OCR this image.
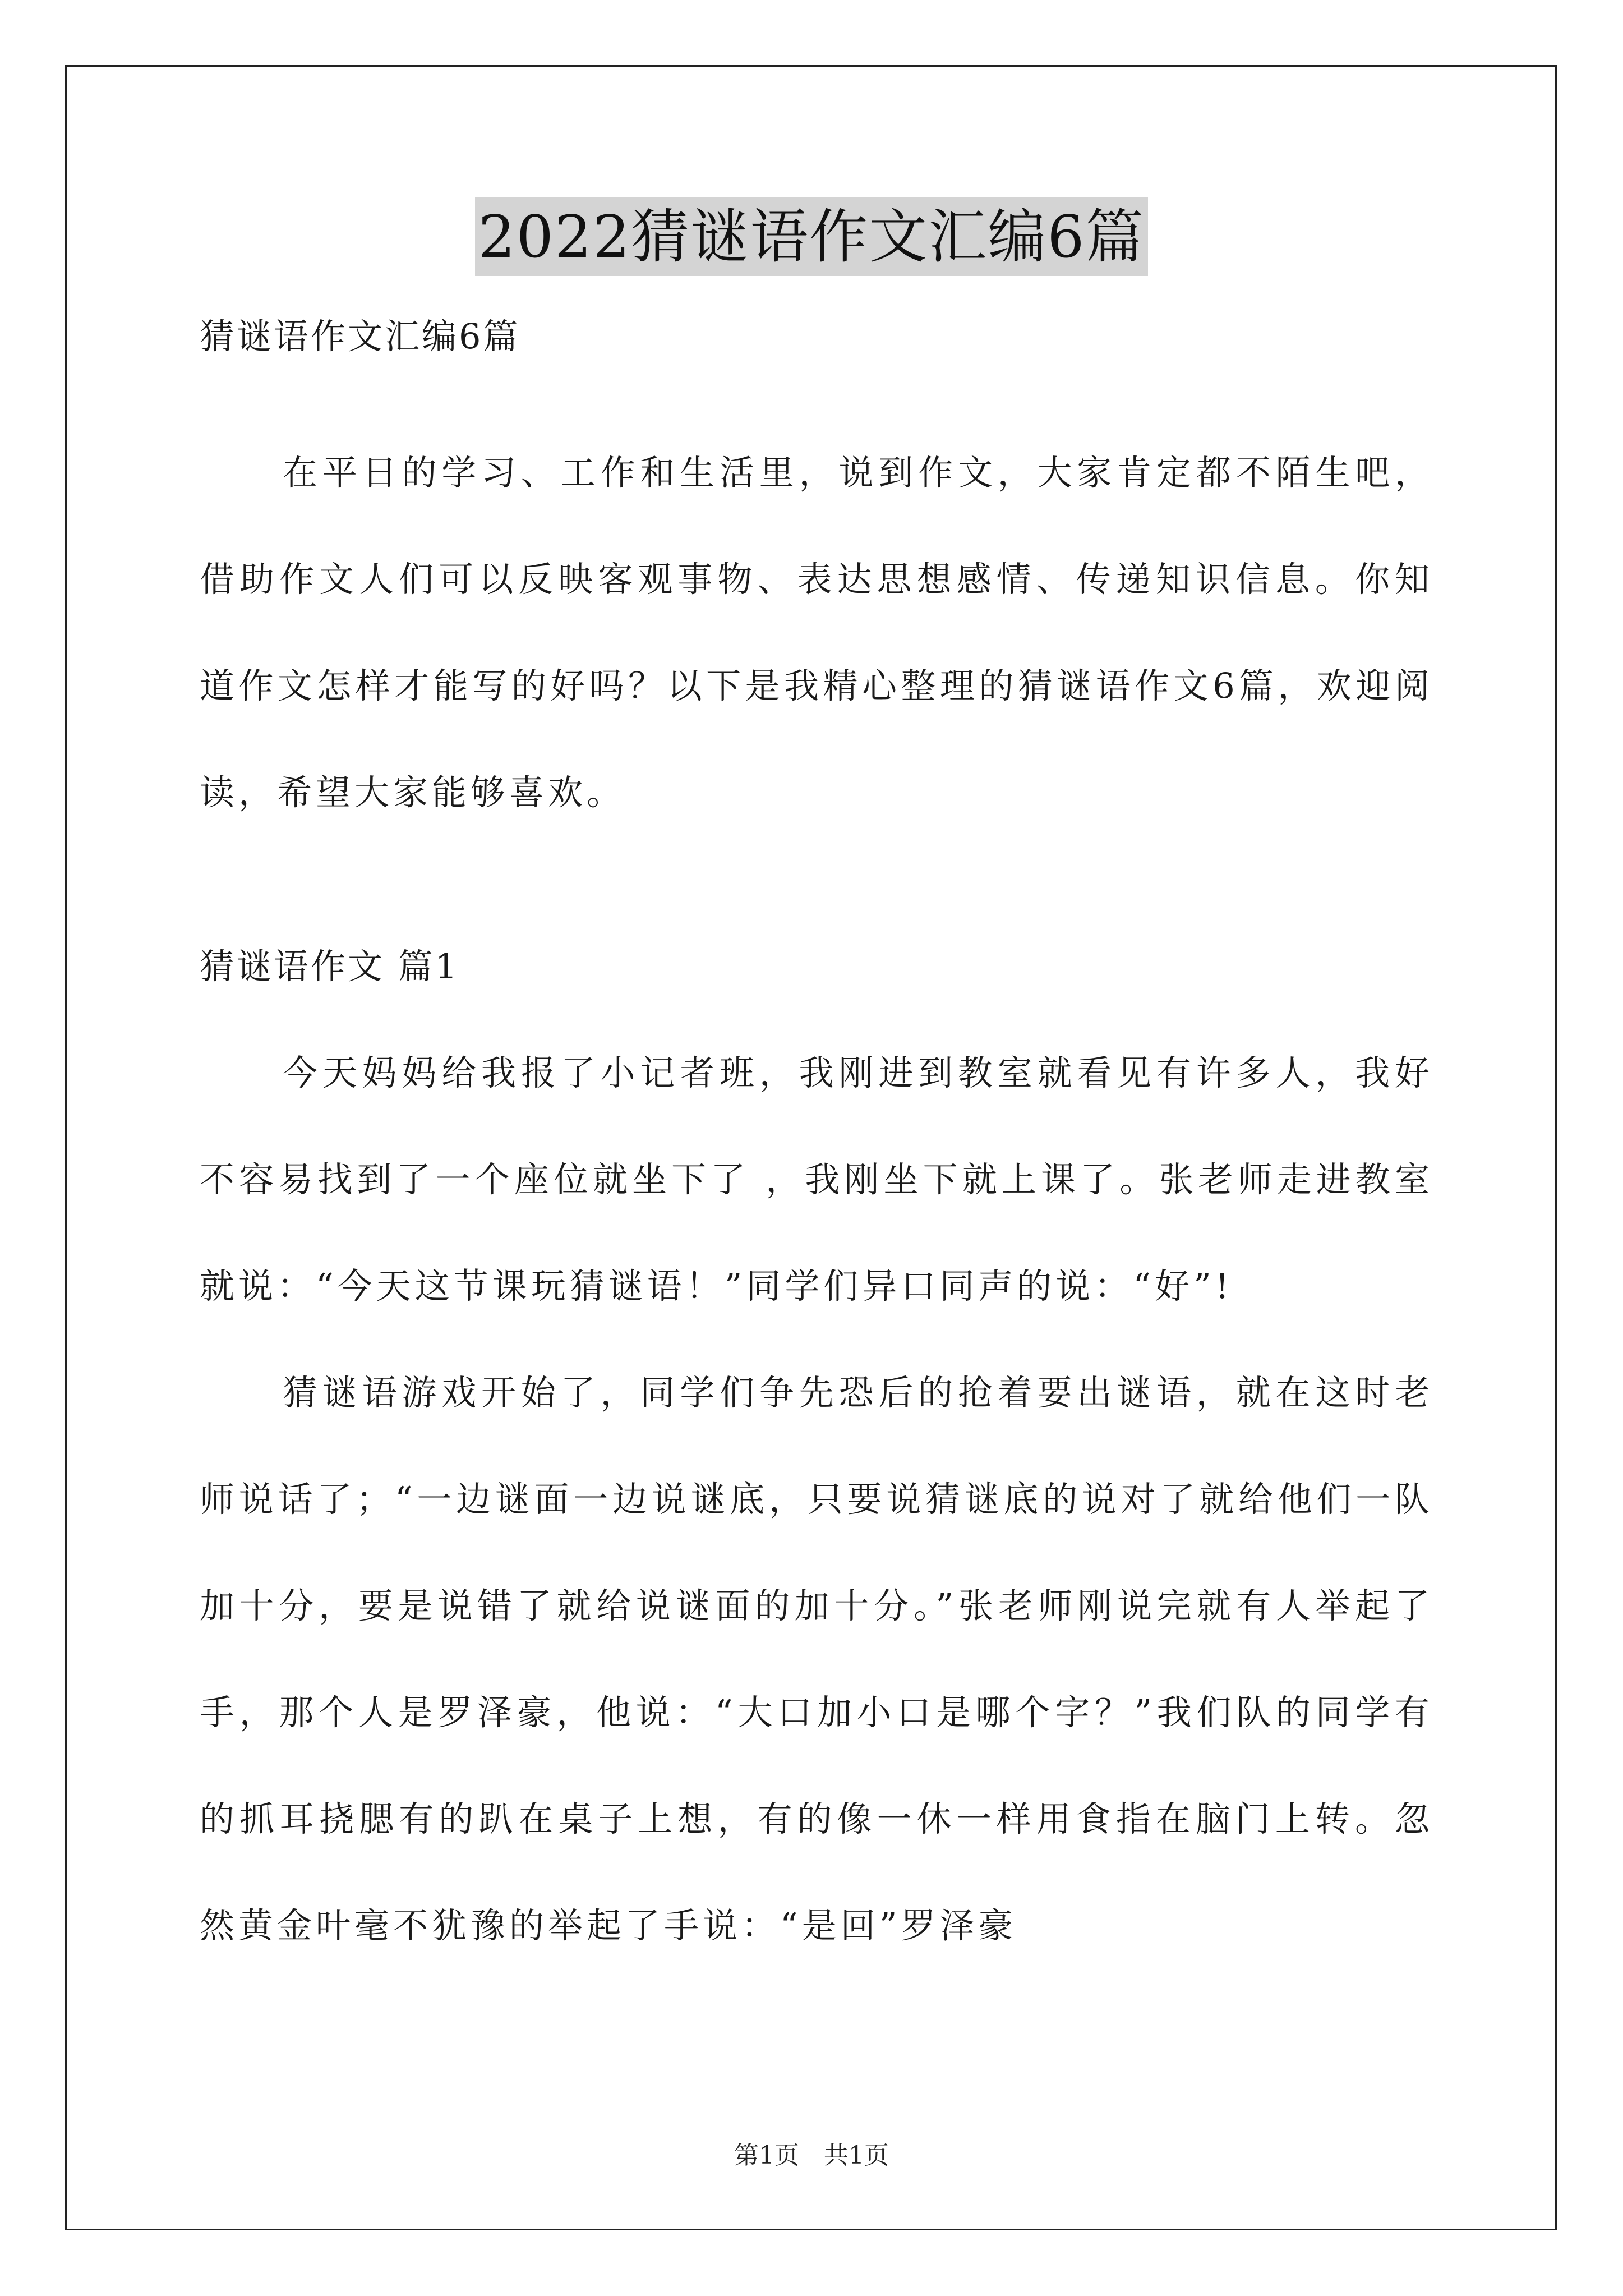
2022猜谜语作文汇编6篇

猜谜语作文汇编6篇

在平日的学习、工作和生活里，说到作文，大家肯定都不陌生吧，借助作文人们可以反映客观事物、表达思想感情、传递知识信息。你知道作文怎样才能写的好吗？以下是我精心整理的猜谜语作文6篇，欢迎阅读，希望大家能够喜欢。

猜谜语作文 篇1

今天妈妈给我报了小记者班，我刚进到教室就看见有许多人，我好不容易找到了一个座位就坐下了 ，我刚坐下就上课了。张老师走进教室就说：“今天这节课玩猜谜语！”同学们异口同声的说：“好”!

猜谜语游戏开始了，同学们争先恐后的抢着要出谜语，就在这时老师说话了；“一边谜面一边说谜底，只要说猜谜底的说对了就给他们一队加十分，要是说错了就给说谜面的加十分。”张老师刚说完就有人举起了手，那个人是罗泽豪，他说：“大口加小口是哪个字？”我们队的同学有的抓耳挠腮有的趴在桌子上想，有的像一休一样用食指在脑门上转。忽然黄金叶毫不犹豫的举起了手说：“是回”罗泽豪

第1页　共1页
